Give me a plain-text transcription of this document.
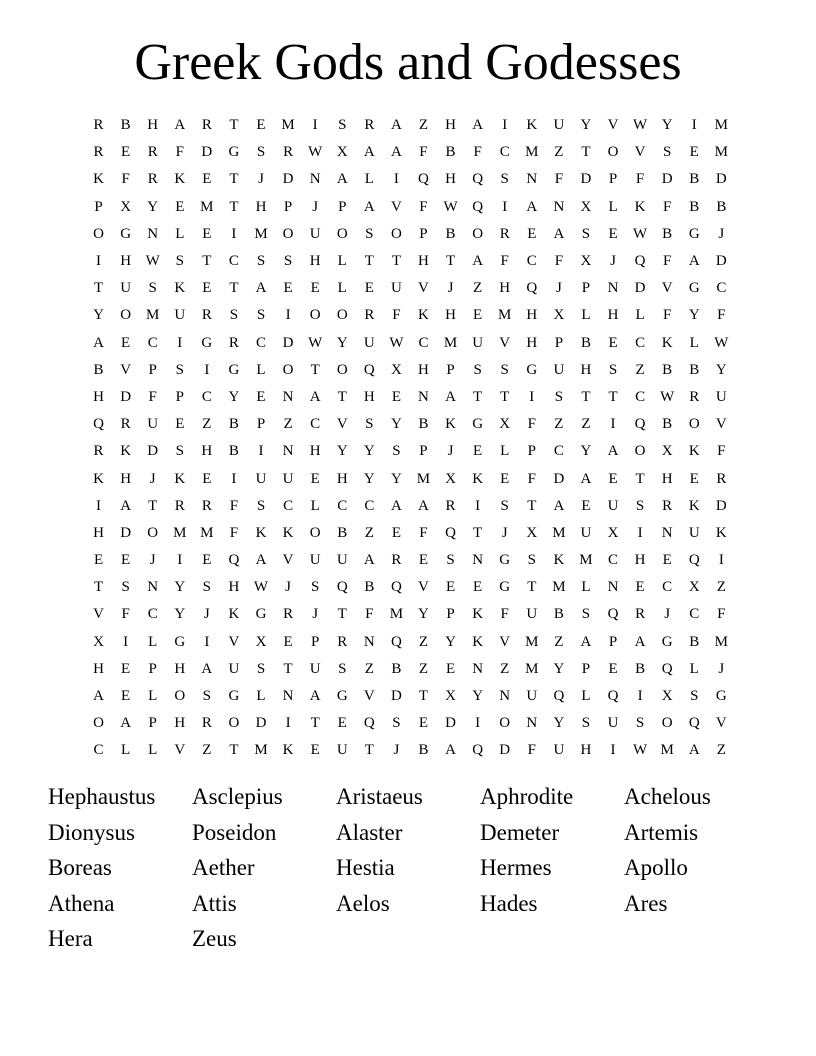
Greek Gods and Godesses
R	B	H	A	R	T	E	M	I	S	R	A	Z	H	A	I	K	U	Y	V W Y	I	M
R	E	R	F	D	G	S	R W X	A	A	F	B	F	C	M	Z	T	O	V	S	E	M
K	F	R	K	E	T	J	D	N	A	L	I	Q	H	Q	S	N	F	D	P	F	D	B	D
P	X	Y	E	M	T	H	P	J	P	A	V	F	W Q	I	A	N	X	L	K	F	B	B
O	G	N	L	E	I	M O	U	O	S	O	P	B	O	R	E	A	S	E	W B	G	J
I	H W	S	T	C	S	S	H	L	T	T	H	T	A	F	C	F	X	J	Q	F	A	D
T	U	S	K	E	T	A	E	E	L	E	U	V	J	Z	H	Q	J	P	N	D	V	G	C
Y	O M U	R	S	S	I	O	O	R	F	K	H	E	M H	X	L	H	L	F	Y	F
A	E	C	I	G	R	C	D W Y	U W C	M U	V	H	P	B	E	C	K	L	W
B	V	P	S	I	G	L	O	T	O	Q	X	H	P	S	S	G	U	H	S	Z	B	B	Y
H	D	F	P	C	Y	E	N	A	T	H	E	N	A	T	T	I	S	T	T	C W R	U
Q	R	U	E	Z	B	P	Z	C	V	S	Y	B	K	G	X	F	Z	Z	I	Q	B	O	V
R	K	D	S	H	B	I	N	H	Y	Y	S	P	J	E	L	P	C	Y	A	O	X	K	F
K	H	J	K	E	I	U	U	E	H	Y	Y M X	K	E	F	D	A	E	T	H	E	R
I	A	T	R	R	F	S	C	L	C	C	A	A	R	I	S	T	A	E	U	S	R	K	D
H	D	O M M	F	K	K	O	B	Z	E	F	Q	T	J	X M U	X	I	N	U	K
E	E	J	I	E	Q	A	V	U	U	A	R	E	S	N	G	S	K M	C	H	E	Q	I
T	S	N	Y	S	H W	J	S	Q	B	Q	V	E	E	G	T	M	L	N	E	C	X	Z
V	F	C	Y	J	K	G	R	J	T	F	M Y	P	K	F	U	B	S	Q	R	J	C	F
X	I	L	G	I	V	X	E	P	R	N	Q	Z	Y	K	V M	Z	A	P	A	G	B	M
H	E	P	H	A	U	S	T	U	S	Z	B	Z	E	N	Z	M Y	P	E	B	Q	L	J
A	E	L	O	S	G	L	N	A	G	V	D	T	X	Y	N	U	Q	L	Q	I	X	S	G
O	A	P	H	R	O	D	I	T	E	Q	S	E	D	I	O	N	Y	S	U	S	O	Q	V
C	L	L	V	Z	T	M K	E	U	T	J	B	A	Q	D	F	U	H	I	W M A	Z
Hephaustus	Asclepius	Aristaeus	Aphrodite	Achelous
Dionysus	Poseidon	Alaster	Demeter	Artemis
Boreas	Aether	Hestia	Hermes	Apollo
Athena	Attis	Aelos	Hades	Ares
Hera	Zeus
